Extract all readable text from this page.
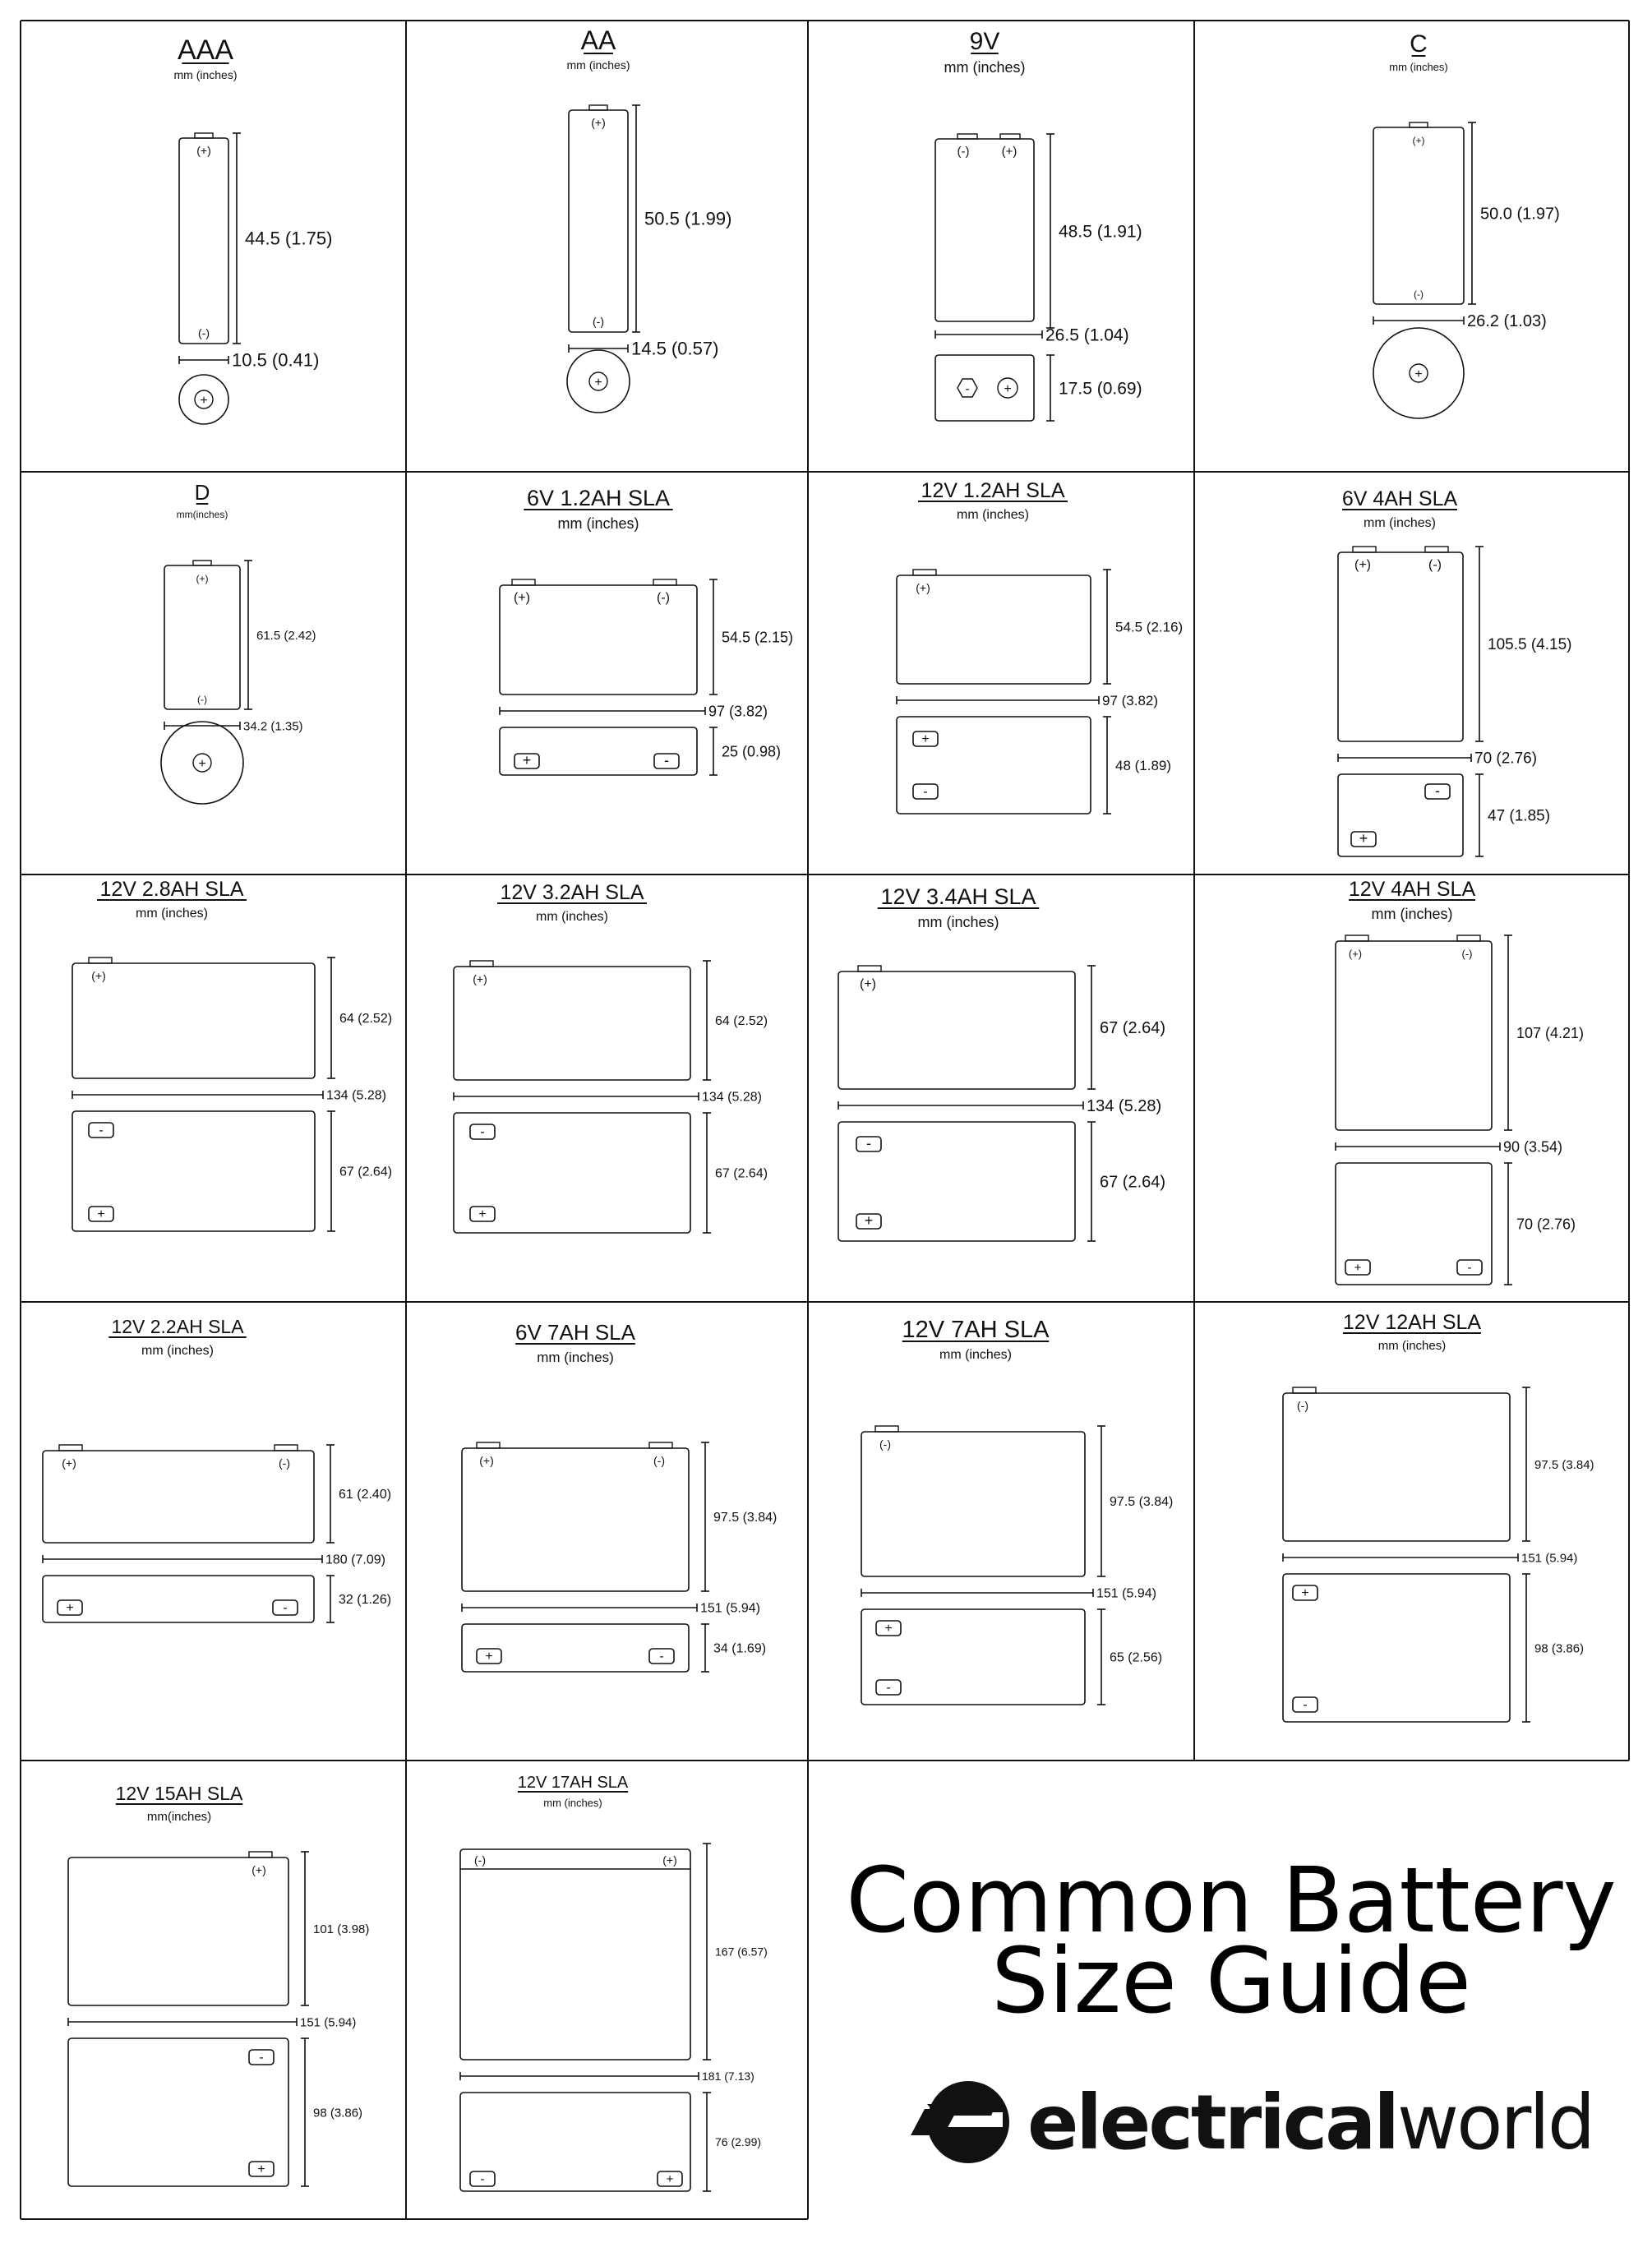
AAA
mm (inches)
(+)
(-)
44.5 (1.75)
10.5 (0.41)
+
AA
mm (inches)
(+)
(-)
50.5 (1.99)
14.5 (0.57)
+
C
mm (inches)
(+)
(-)
50.0 (1.97)
26.2 (1.03)
+
D
mm(inches)
(+)
(-)
61.5 (2.42)
34.2 (1.35)
+
9V
mm (inches)
(-)	(+)
48.5 (1.91)
26.5 (1.04)
-	+	17.5 (0.69)
6V 1.2AH SLA
mm (inches)
(+)	(-)
54.5 (2.15)
97 (3.82)
+	-
25 (0.98)
12V 1.2AH SLA
mm (inches)
(+)
54.5 (2.16)
97 (3.82)
+
-
48 (1.89)
6V 4AH SLA
mm (inches)
(+)	(-)
105.5 (4.15)
70 (2.76)
-
+
47 (1.85)
12V 2.8AH SLA
mm (inches)
(+)
64 (2.52)
134 (5.28)
-
+
67 (2.64)
12V 3.2AH SLA
mm (inches)
(+)
64 (2.52)
134 (5.28)
-
+
67 (2.64)
12V 3.4AH SLA
mm (inches)
(+)
67 (2.64)
134 (5.28)
-
+
67 (2.64)
12V 4AH SLA
mm (inches)
(+)	(-)
107 (4.21)
90 (3.54)
+	-
70 (2.76)
12V 2.2AH SLA
mm (inches)
(+)	(-)
61 (2.40)
180 (7.09)
+	-
32 (1.26)
6V 7AH SLA
mm (inches)
(+)	(-)
97.5 (3.84)
151 (5.94)
+	-
34 (1.69)
12V 7AH SLA
mm (inches)
(-)
97.5 (3.84)
151 (5.94)
+
-
65 (2.56)
12V 12AH SLA
mm (inches)
(-)
97.5 (3.84)
151 (5.94)
+
-
98 (3.86)
12V 15AH SLA
mm(inches)
(+)
101 (3.98)
151 (5.94)
-
+
98 (3.86)
12V 17AH SLA
mm (inches)
167 (6.57)
181 (7.13)
-	+
76 (2.99)
(-)	(+) Common Battery
Size Guide
electricalworld
